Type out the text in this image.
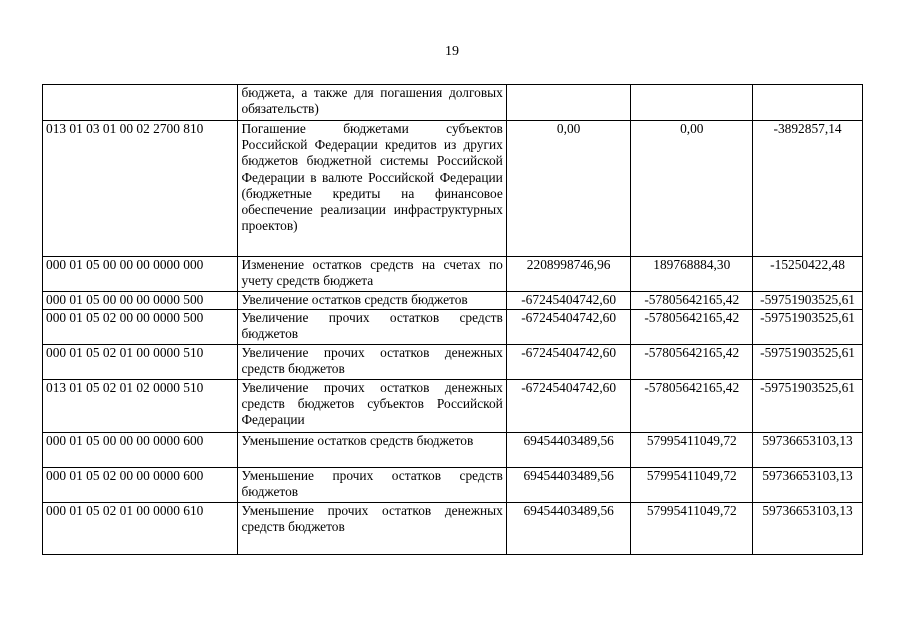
19
	бюджета, а также для погашения долговых обязательств)			
013 01 03 01 00 02 2700 810	Погашение бюджетами субъектов Российской Федерации кредитов из других бюджетов бюджетной системы Российской Федерации в валюте Российской Федерации (бюджетные кредиты на финансовое обеспечение реализации инфраструктурных проектов)	0,00	0,00	-3892857,14
000 01 05 00 00 00 0000 000	Изменение остатков средств на счетах по учету средств бюджета	2208998746,96	189768884,30	-15250422,48
000 01 05 00 00 00 0000 500	Увеличение остатков средств бюджетов	-67245404742,60	-57805642165,42	-59751903525,61
000 01 05 02 00 00 0000 500	Увеличение прочих остатков средств бюджетов	-67245404742,60	-57805642165,42	-59751903525,61
000 01 05 02 01 00 0000 510	Увеличение прочих остатков денежных средств бюджетов	-67245404742,60	-57805642165,42	-59751903525,61
013 01 05 02 01 02 0000 510	Увеличение прочих остатков денежных средств бюджетов субъектов Российской Федерации	-67245404742,60	-57805642165,42	-59751903525,61
000 01 05 00 00 00 0000 600	Уменьшение остатков средств бюджетов	69454403489,56	57995411049,72	59736653103,13
000 01 05 02 00 00 0000 600	Уменьшение прочих остатков средств бюджетов	69454403489,56	57995411049,72	59736653103,13
000 01 05 02 01 00 0000 610	Уменьшение прочих остатков денежных средств бюджетов	69454403489,56	57995411049,72	59736653103,13
